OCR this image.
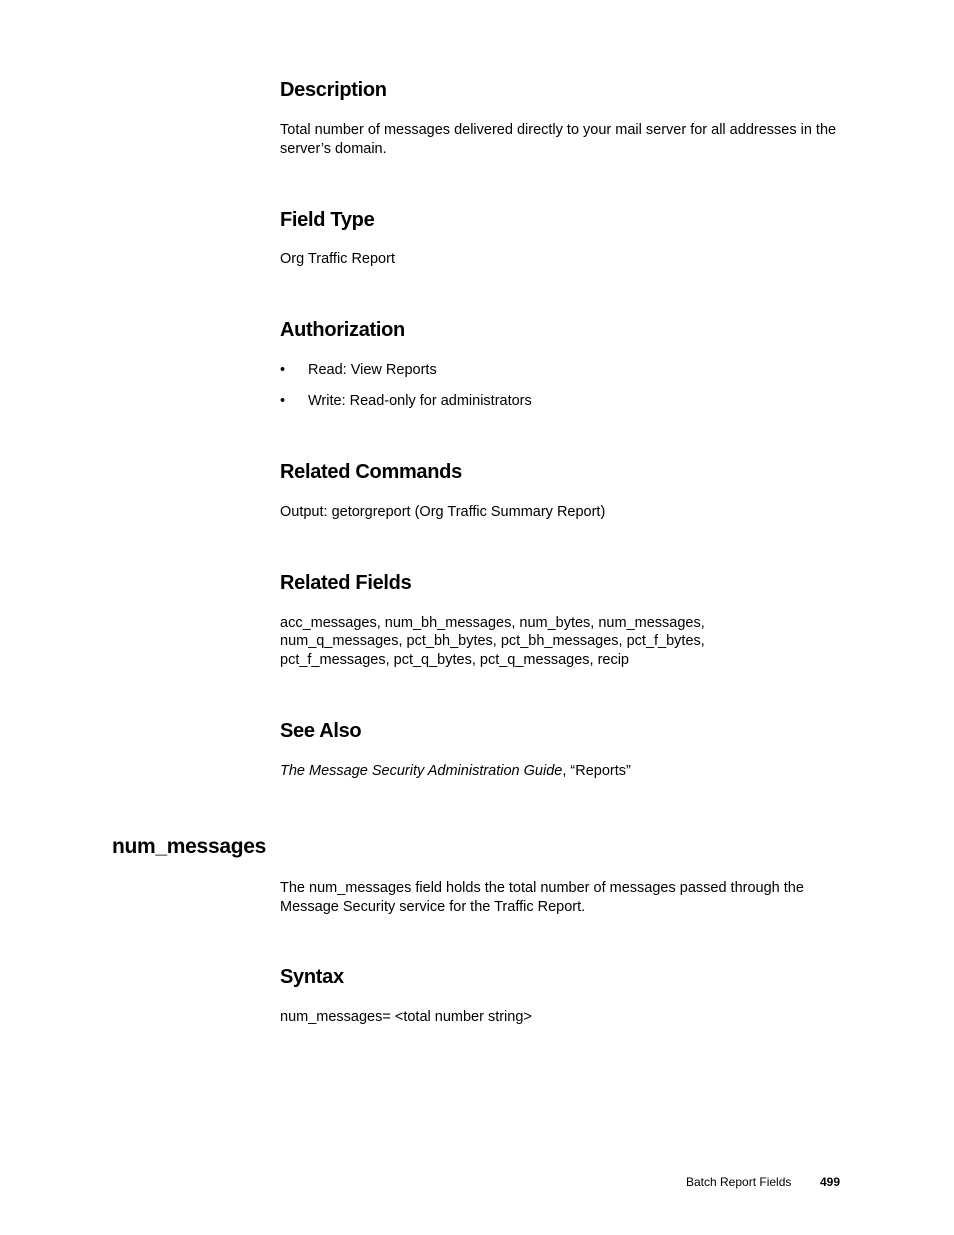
Description

Total number of messages delivered directly to your mail server for all addresses in the server’s domain.

Field Type

Org Traffic Report

Authorization
• Read: View Reports
• Write: Read-only for administrators
Related Commands

Output: getorgreport (Org Traffic Summary Report)

Related Fields

acc_messages, num_bh_messages, num_bytes, num_messages,

num_q_messages, pct_bh_bytes, pct_bh_messages, pct_f_bytes,

pct_f_messages, pct_q_bytes, pct_q_messages, recip

See Also

The Message Security Administration Guide, “Reports”

num_messages

The num_messages field holds the total number of messages passed through the Message Security service for the Traffic Report.

Syntax

num_messages= <total number string>

Batch Report Fields 499
